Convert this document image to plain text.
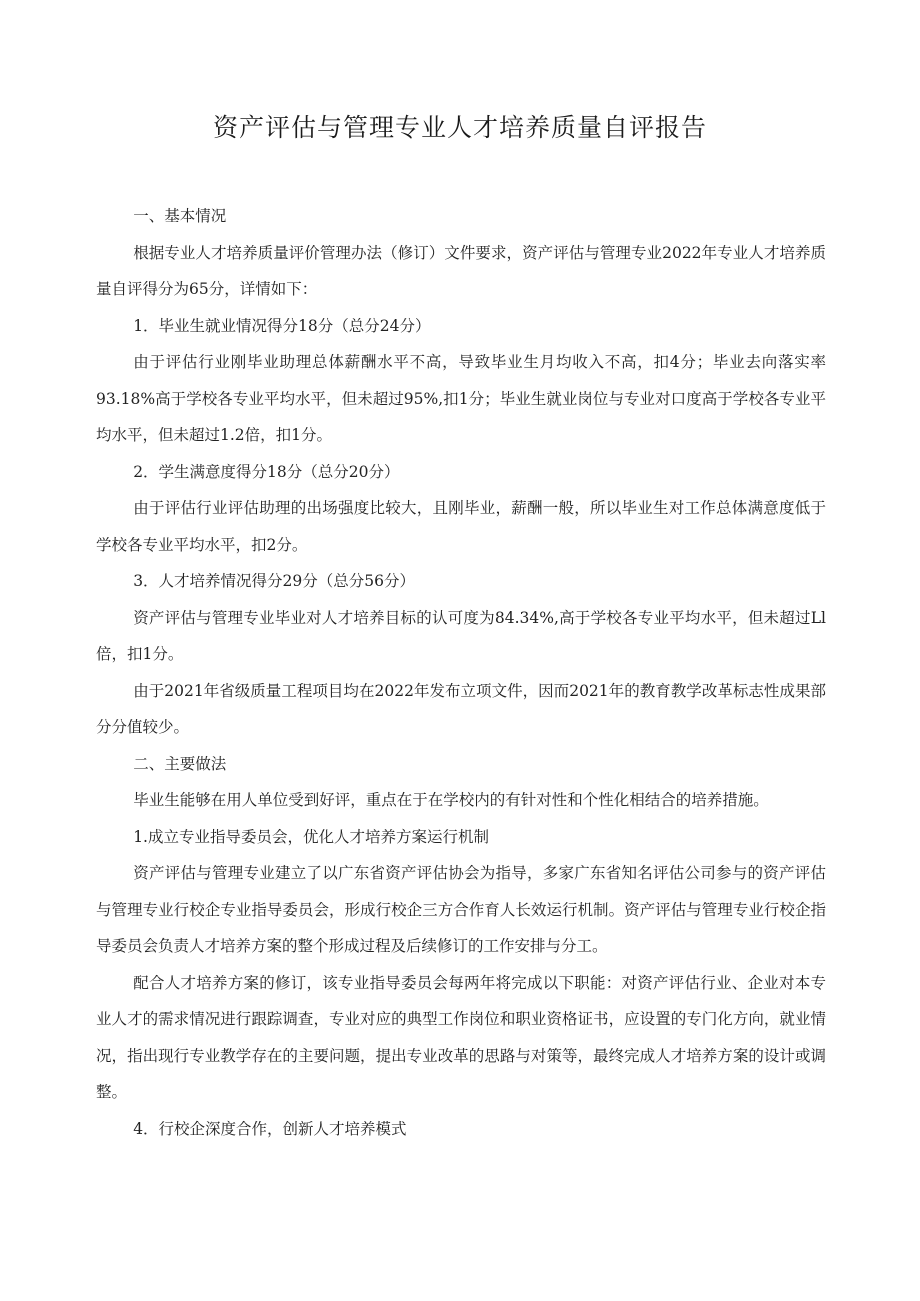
资产评估与管理专业人才培养质量自评报告

一、基本情况

根据专业人才培养质量评价管理办法（修订）文件要求，资产评估与管理专业2022年专业人才培养质量自评得分为65分，详情如下：

1．毕业生就业情况得分18分（总分24分）

由于评估行业刚毕业助理总体薪酬水平不高，导致毕业生月均收入不高，扣4分；毕业去向落实率93.18%高于学校各专业平均水平，但未超过95%,扣1分；毕业生就业岗位与专业对口度高于学校各专业平均水平，但未超过1.2倍，扣1分。

2．学生满意度得分18分（总分20分）

由于评估行业评估助理的出场强度比较大，且刚毕业，薪酬一般，所以毕业生对工作总体满意度低于学校各专业平均水平，扣2分。

3．人才培养情况得分29分（总分56分）

资产评估与管理专业毕业对人才培养目标的认可度为84.34%,高于学校各专业平均水平，但未超过Ll倍，扣1分。

由于2021年省级质量工程项目均在2022年发布立项文件，因而2021年的教育教学改革标志性成果部分分值较少。

二、主要做法

毕业生能够在用人单位受到好评，重点在于在学校内的有针对性和个性化相结合的培养措施。

1.成立专业指导委员会，优化人才培养方案运行机制

资产评估与管理专业建立了以广东省资产评估协会为指导，多家广东省知名评估公司参与的资产评估与管理专业行校企专业指导委员会，形成行校企三方合作育人长效运行机制。资产评估与管理专业行校企指导委员会负责人才培养方案的整个形成过程及后续修订的工作安排与分工。

配合人才培养方案的修订，该专业指导委员会每两年将完成以下职能：对资产评估行业、企业对本专业人才的需求情况进行跟踪调查，专业对应的典型工作岗位和职业资格证书，应设置的专门化方向，就业情况，指出现行专业教学存在的主要问题，提出专业改革的思路与对策等，最终完成人才培养方案的设计或调整。

4．行校企深度合作，创新人才培养模式
